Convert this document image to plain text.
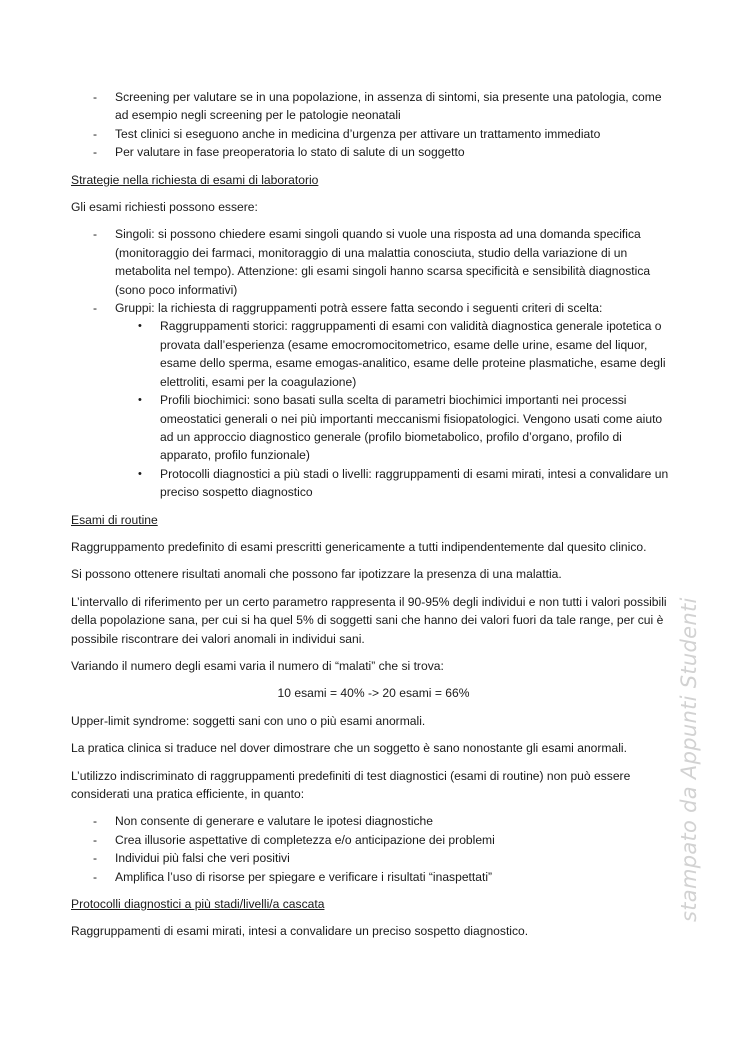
- Screening per valutare se in una popolazione, in assenza di sintomi, sia presente una patologia, come ad esempio negli screening per le patologie neonatali
- Test clinici si eseguono anche in medicina d’urgenza per attivare un trattamento immediato
- Per valutare in fase preoperatoria lo stato di salute di un soggetto
Strategie nella richiesta di esami di laboratorio

Gli esami richiesti possono essere:

- Singoli: si possono chiedere esami singoli quando si vuole una risposta ad una domanda specifica (monitoraggio dei farmaci, monitoraggio di una malattia conosciuta, studio della variazione di un metabolita nel tempo). Attenzione: gli esami singoli hanno scarsa specificità e sensibilità diagnostica (sono poco informativi)
- Gruppi: la richiesta di raggruppamenti potrà essere fatta secondo i seguenti criteri di scelta:
• Raggruppamenti storici: raggruppamenti di esami con validità diagnostica generale ipotetica o provata dall’esperienza (esame emocromocitometrico, esame delle urine, esame del liquor, esame dello sperma, esame emogas-analitico, esame delle proteine plasmatiche, esame degli elettroliti, esami per la coagulazione)
• Profili biochimici: sono basati sulla scelta di parametri biochimici importanti nei processi omeostatici generali o nei più importanti meccanismi fisiopatologici. Vengono usati come aiuto ad un approccio diagnostico generale (profilo biometabolico, profilo d’organo, profilo di apparato, profilo funzionale)
• Protocolli diagnostici a più stadi o livelli: raggruppamenti di esami mirati, intesi a convalidare un preciso sospetto diagnostico
Esami di routine

Raggruppamento predefinito di esami prescritti genericamente a tutti indipendentemente dal quesito clinico.

Si possono ottenere risultati anomali che possono far ipotizzare la presenza di una malattia.

L’intervallo di riferimento per un certo parametro rappresenta il 90-95% degli individui e non tutti i valori possibili della popolazione sana, per cui si ha quel 5% di soggetti sani che hanno dei valori fuori da tale range, per cui è possibile riscontrare dei valori anomali in individui sani.

Variando il numero degli esami varia il numero di “malati” che si trova:

10 esami = 40% -> 20 esami = 66%

Upper-limit syndrome: soggetti sani con uno o più esami anormali.

La pratica clinica si traduce nel dover dimostrare che un soggetto è sano nonostante gli esami anormali.

L’utilizzo indiscriminato di raggruppamenti predefiniti di test diagnostici (esami di routine) non può essere considerati una pratica efficiente, in quanto:

- Non consente di generare e valutare le ipotesi diagnostiche
- Crea illusorie aspettative di completezza e/o anticipazione dei problemi
- Individui più falsi che veri positivi
- Amplifica l’uso di risorse per spiegare e verificare i risultati “inaspettati”
Protocolli diagnostici a più stadi/livelli/a cascata

Raggruppamenti di esami mirati, intesi a convalidare un preciso sospetto diagnostico.

stampato da Appunti Studenti
